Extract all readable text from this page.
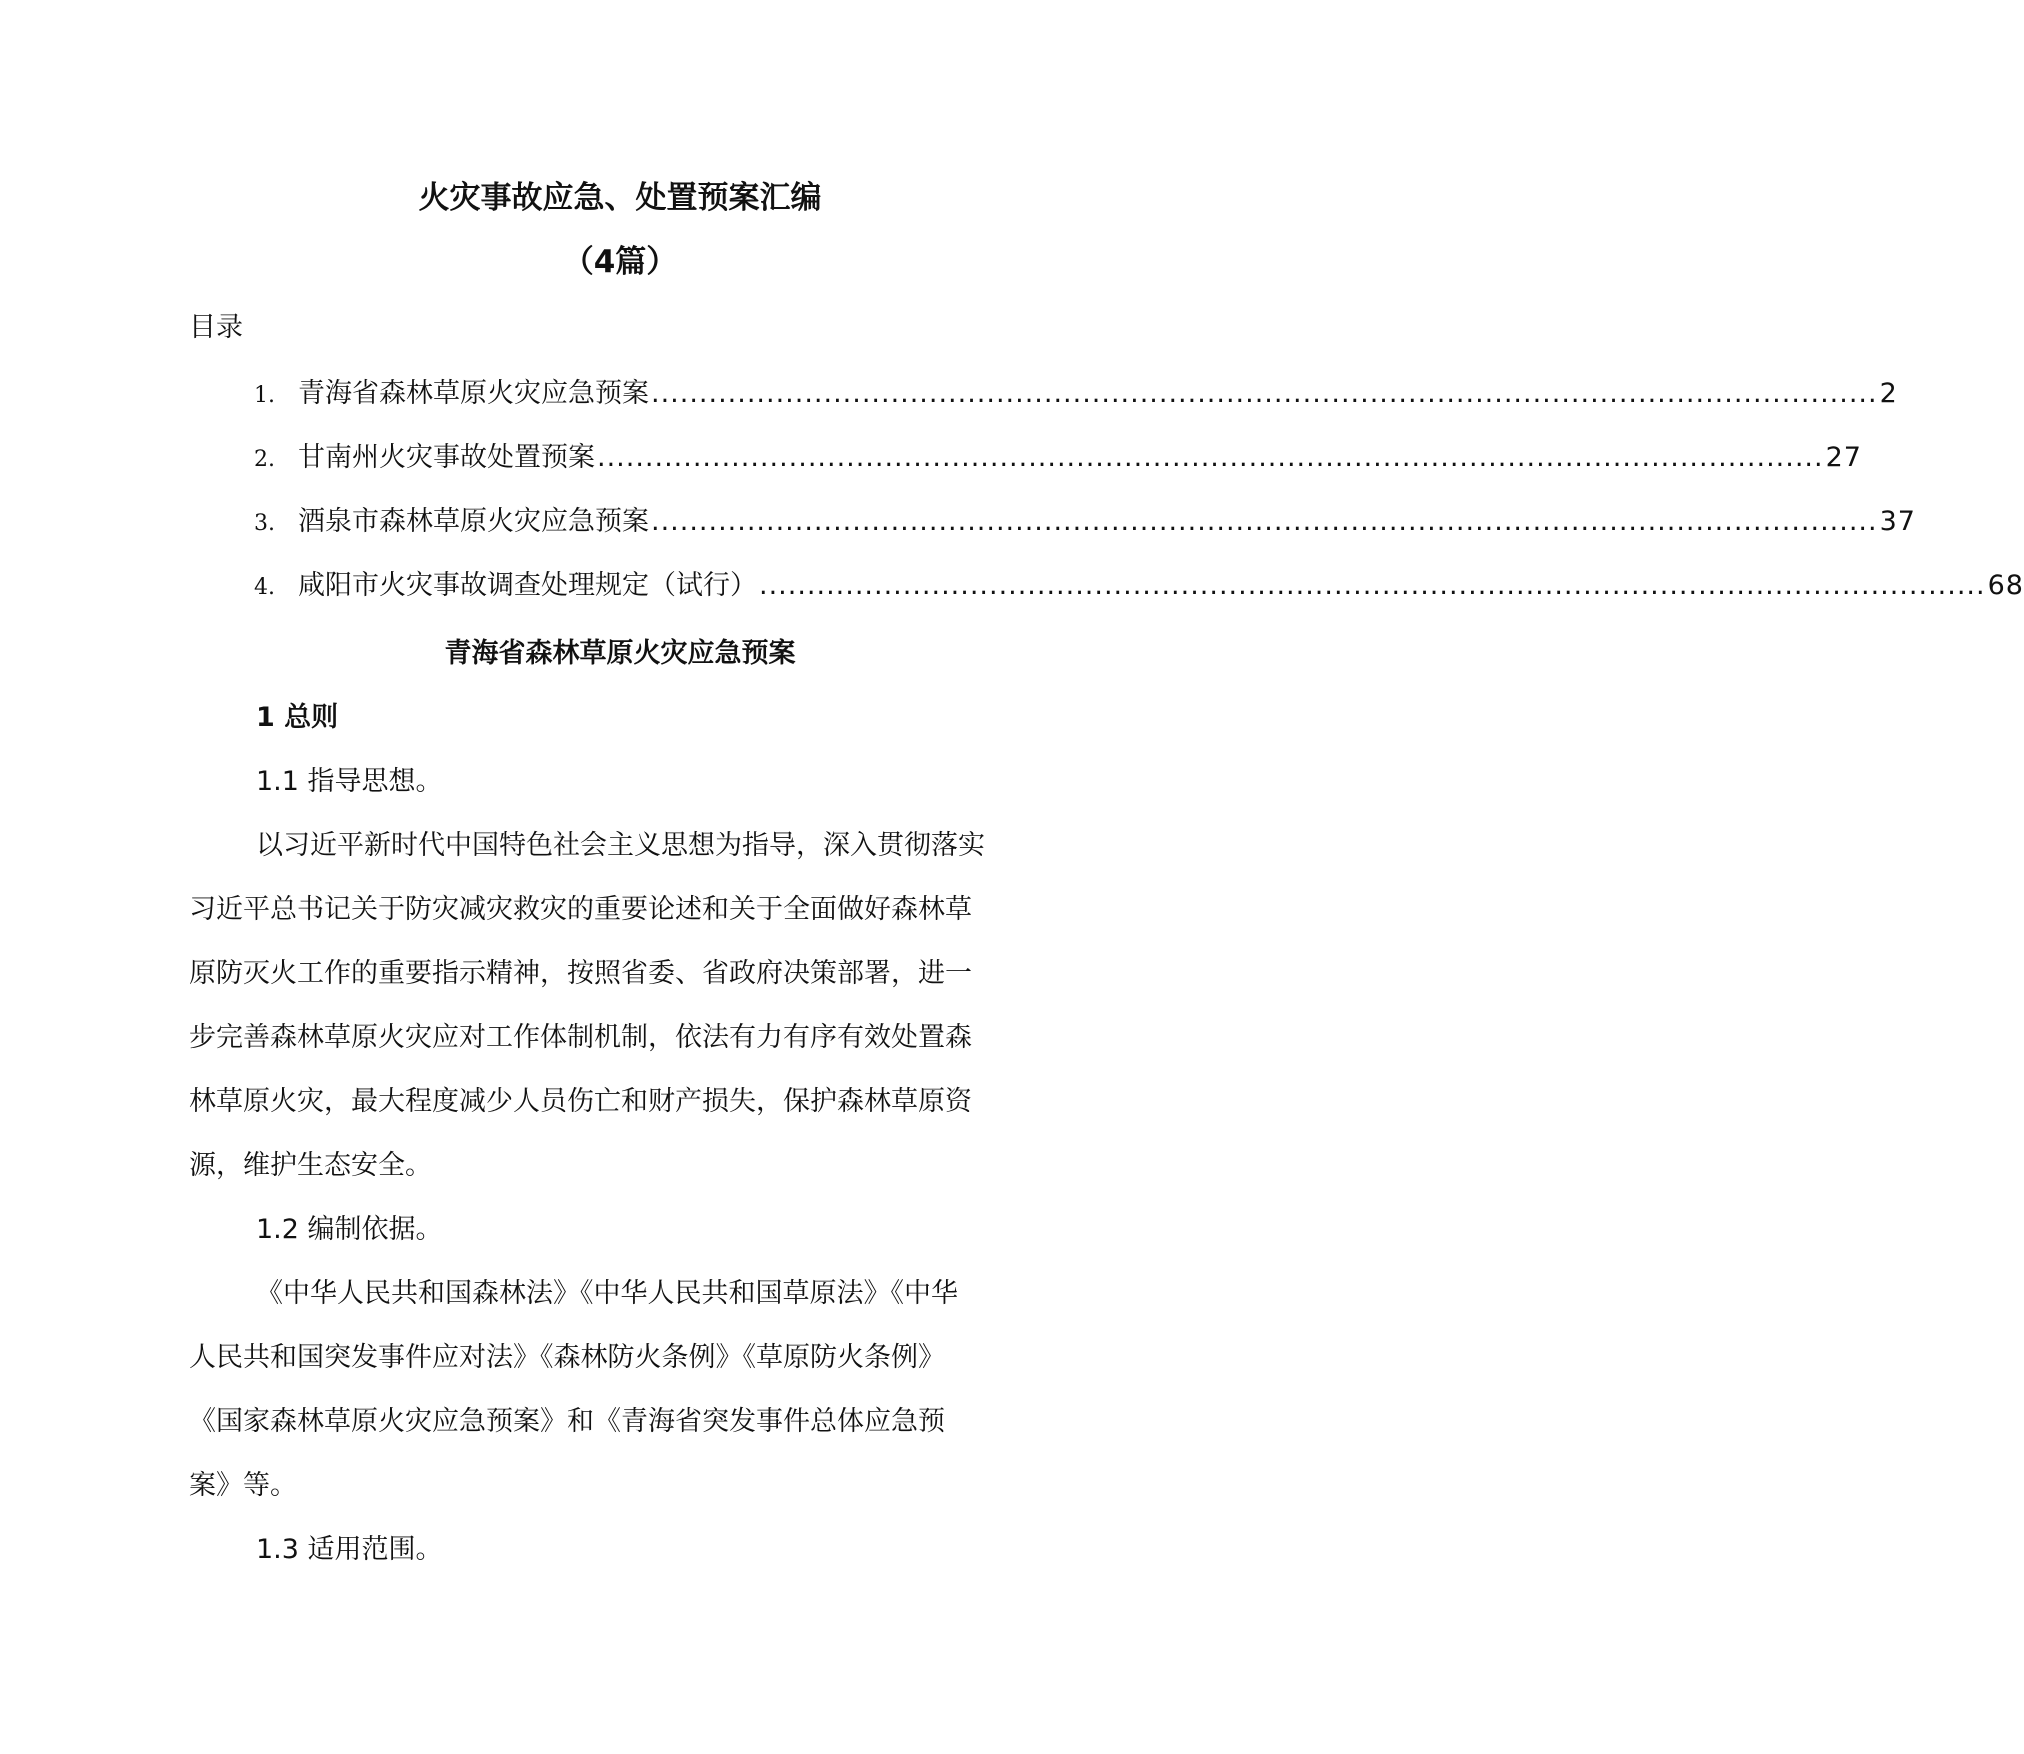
火灾事故应急、处置预案汇编
（4篇）
目录
1. 青海省森林草原火灾应急预案 ................................................................................................................................ 2
2. 甘南州火灾事故处置预案 ................................................................................................................................ 27
3. 酒泉市森林草原火灾应急预案 ................................................................................................................................ 37
4. 咸阳市火灾事故调查处理规定（试行） ................................................................................................................................ 68
青海省森林草原火灾应急预案
1 总则
1.1 指导思想。
以习近平新时代中国特色社会主义思想为指导，深入贯彻落实
习近平总书记关于防灾减灾救灾的重要论述和关于全面做好森林草
原防灭火工作的重要指示精神，按照省委、省政府决策部署，进一
步完善森林草原火灾应对工作体制机制，依法有力有序有效处置森
林草原火灾，最大程度减少人员伤亡和财产损失，保护森林草原资
源，维护生态安全。
1.2 编制依据。
《中华人民共和国森林法》《中华人民共和国草原法》《中华
人民共和国突发事件应对法》《森林防火条例》《草原防火条例》
《国家森林草原火灾应急预案》和《青海省突发事件总体应急预
案》等。
1.3 适用范围。
